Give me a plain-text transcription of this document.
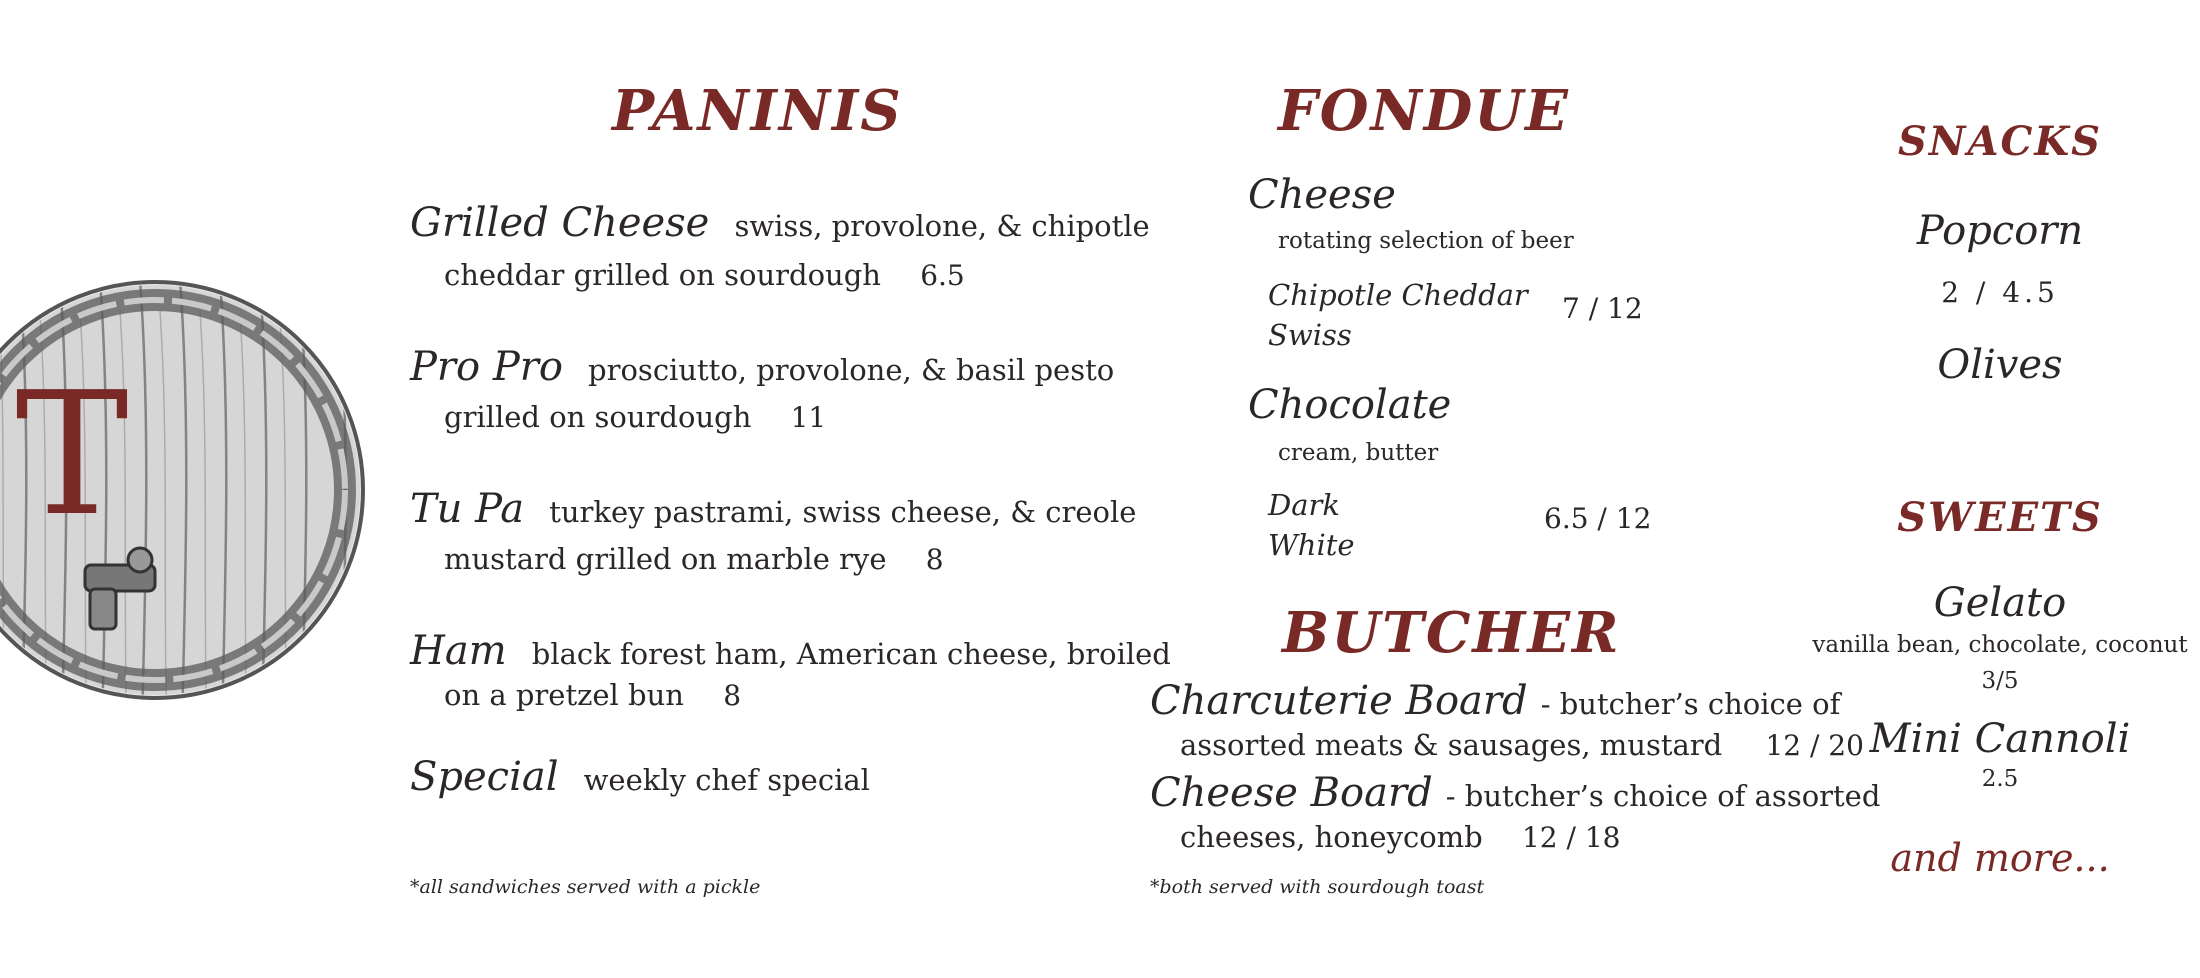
T
PANINIS
Grilled Cheese swiss, provolone, & chipotle
cheddar grilled on sourdough 6.5
Pro Pro prosciutto, provolone, & basil pesto
grilled on sourdough 11
Tu Pa turkey pastrami, swiss cheese, & creole
mustard grilled on marble rye 8
Ham black forest ham, American cheese, broiled
on a pretzel bun 8
Special weekly chef special
*all sandwiches served with a pickle
FONDUE
Cheese
rotating selection of beer
Chipotle Cheddar
Swiss
7 / 12
Chocolate
cream, butter
Dark
White
6.5 / 12
BUTCHER
Charcuterie Board - butcher’s choice of
assorted meats & sausages, mustard 12 / 20
Cheese Board - butcher’s choice of assorted
cheeses, honeycomb 12 / 18
*both served with sourdough toast
SNACKS
Popcorn
2 / 4.5
Olives
SWEETS
Gelato
vanilla bean, chocolate, coconut
3/5
Mini Cannoli
2.5
and more...
